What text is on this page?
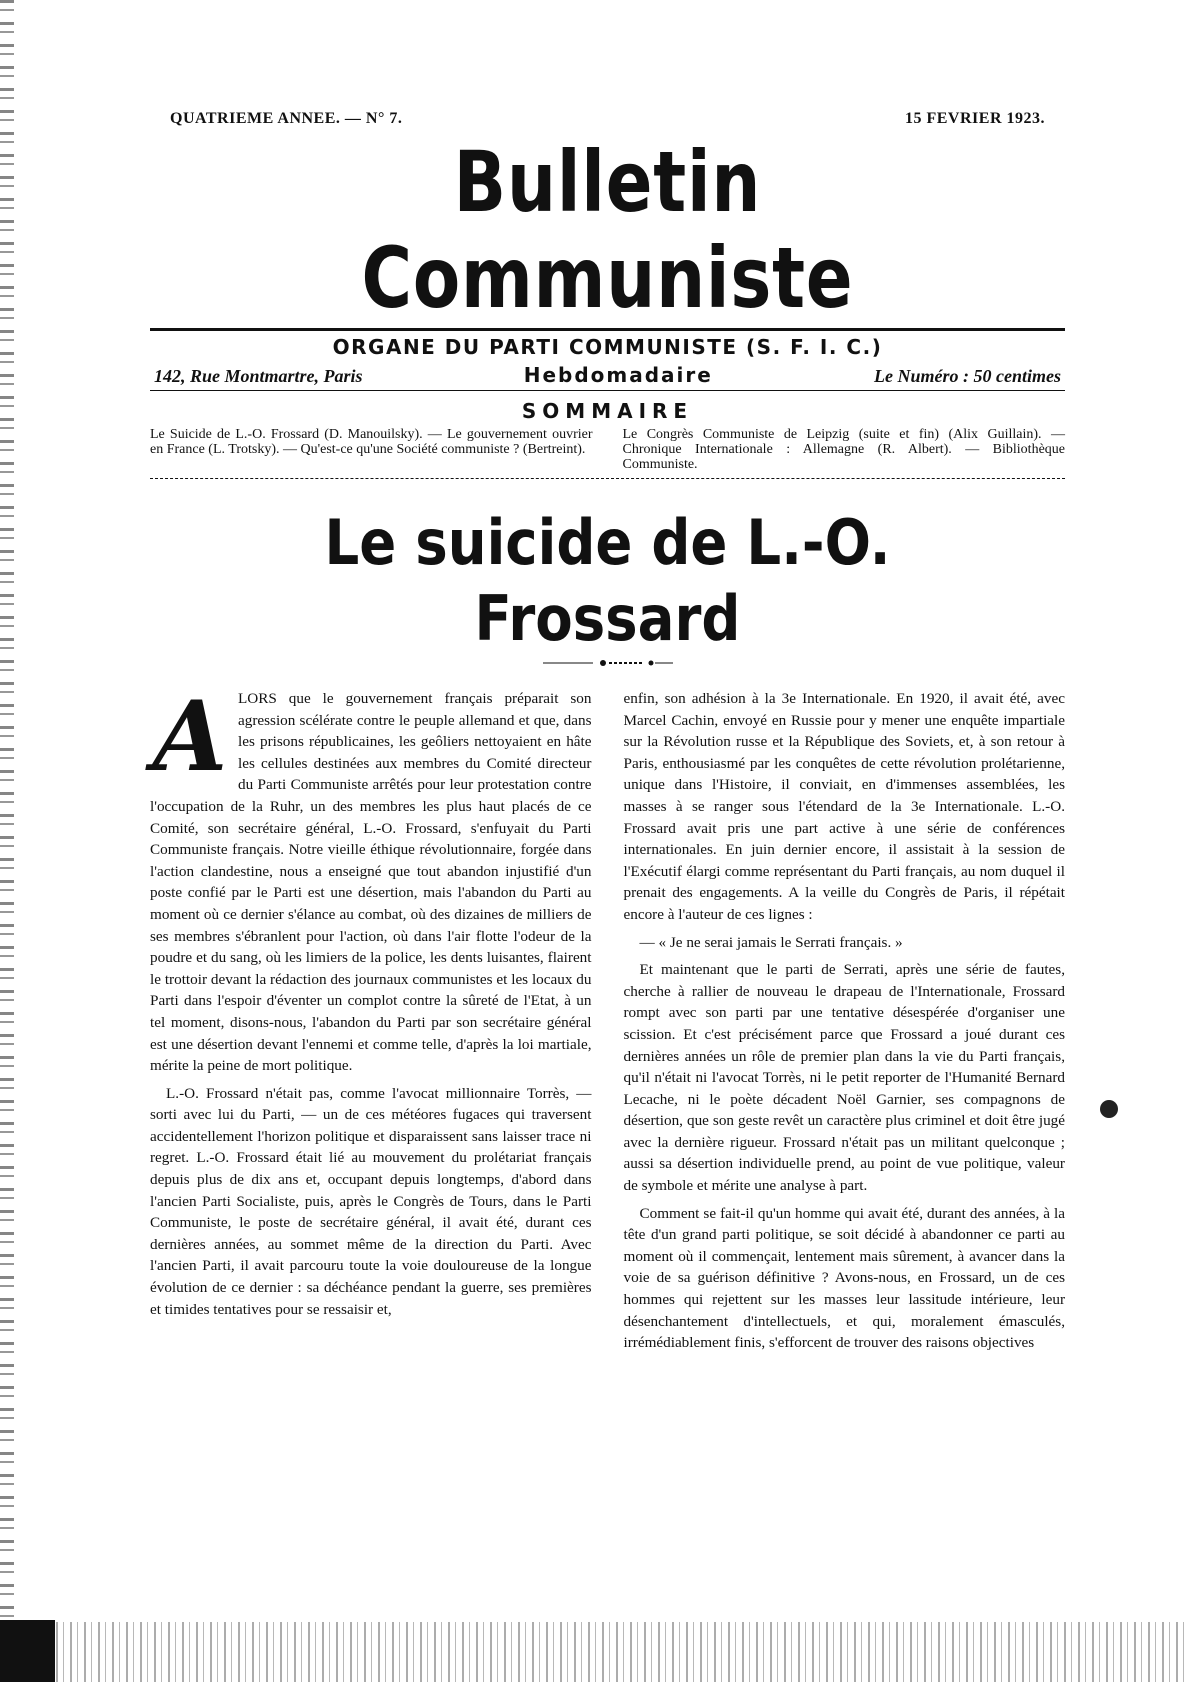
QUATRIEME ANNEE. — N° 7.	15 FEVRIER 1923.
Bulletin Communiste
ORGANE DU PARTI COMMUNISTE (S. F. I. C.)
142, Rue Montmartre, Paris	Hebdomadaire	Le Numéro : 50 centimes
SOMMAIRE
Le Suicide de L.-O. Frossard (D. Manouilsky). — Le gouvernement ouvrier en France (L. Trotsky). — Qu'est-ce qu'une Société communiste ? (Bertreint).
Le Congrès Communiste de Leipzig (suite et fin) (Alix Guillain). — Chronique Internationale : Allemagne (R. Albert). — Bibliothèque Communiste.
Le suicide de L.-O. Frossard
A LORS que le gouvernement français préparait son agression scélérate contre le peuple allemand et que, dans les prisons républicaines, les geôliers nettoyaient en hâte les cellules destinées aux membres du Comité directeur du Parti Communiste arrêtés pour leur protestation contre l'occupation de la Ruhr, un des membres les plus haut placés de ce Comité, son secrétaire général, L.-O. Frossard, s'enfuyait du Parti Communiste français. Notre vieille éthique révolutionnaire, forgée dans l'action clandestine, nous a enseigné que tout abandon injustifié d'un poste confié par le Parti est une désertion, mais l'abandon du Parti au moment où ce dernier s'élance au combat, où des dizaines de milliers de ses membres s'ébranlent pour l'action, où dans l'air flotte l'odeur de la poudre et du sang, où les limiers de la police, les dents luisantes, flairent le trottoir devant la rédaction des journaux communistes et les locaux du Parti dans l'espoir d'éventer un complot contre la sûreté de l'Etat, à un tel moment, disons-nous, l'abandon du Parti par son secrétaire général est une désertion devant l'ennemi et comme telle, d'après la loi martiale, mérite la peine de mort politique.

L.-O. Frossard n'était pas, comme l'avocat millionnaire Torrès, — sorti avec lui du Parti, — un de ces météores fugaces qui traversent accidentellement l'horizon politique et disparaissent sans laisser trace ni regret. L.-O. Frossard était lié au mouvement du prolétariat français depuis plus de dix ans et, occupant depuis longtemps, d'abord dans l'ancien Parti Socialiste, puis, après le Congrès de Tours, dans le Parti Communiste, le poste de secrétaire général, il avait été, durant ces dernières années, au sommet même de la direction du Parti. Avec l'ancien Parti, il avait parcouru toute la voie douloureuse de la longue évolution de ce dernier : sa déchéance pendant la guerre, ses premières et timides tentatives pour se ressaisir et,

enfin, son adhésion à la 3e Internationale. En 1920, il avait été, avec Marcel Cachin, envoyé en Russie pour y mener une enquête impartiale sur la Révolution russe et la République des Soviets, et, à son retour à Paris, enthousiasmé par les conquêtes de cette révolution prolétarienne, unique dans l'Histoire, il conviait, en d'immenses assemblées, les masses à se ranger sous l'étendard de la 3e Internationale. L.-O. Frossard avait pris une part active à une série de conférences internationales. En juin dernier encore, il assistait à la session de l'Exécutif élargi comme représentant du Parti français, au nom duquel il prenait des engagements. A la veille du Congrès de Paris, il répétait encore à l'auteur de ces lignes :

— « Je ne serai jamais le Serrati français. »

Et maintenant que le parti de Serrati, après une série de fautes, cherche à rallier de nouveau le drapeau de l'Internationale, Frossard rompt avec son parti par une tentative désespérée d'organiser une scission. Et c'est précisément parce que Frossard a joué durant ces dernières années un rôle de premier plan dans la vie du Parti français, qu'il n'était ni l'avocat Torrès, ni le petit reporter de l'Humanité Bernard Lecache, ni le poète décadent Noël Garnier, ses compagnons de désertion, que son geste revêt un caractère plus criminel et doit être jugé avec la dernière rigueur. Frossard n'était pas un militant quelconque ; aussi sa désertion individuelle prend, au point de vue politique, valeur de symbole et mérite une analyse à part.

Comment se fait-il qu'un homme qui avait été, durant des années, à la tête d'un grand parti politique, se soit décidé à abandonner ce parti au moment où il commençait, lentement mais sûrement, à avancer dans la voie de sa guérison définitive ? Avons-nous, en Frossard, un de ces hommes qui rejettent sur les masses leur lassitude intérieure, leur désenchantement d'intellectuels, et qui, moralement émasculés, irrémédiablement finis, s'efforcent de trouver des raisons objectives
